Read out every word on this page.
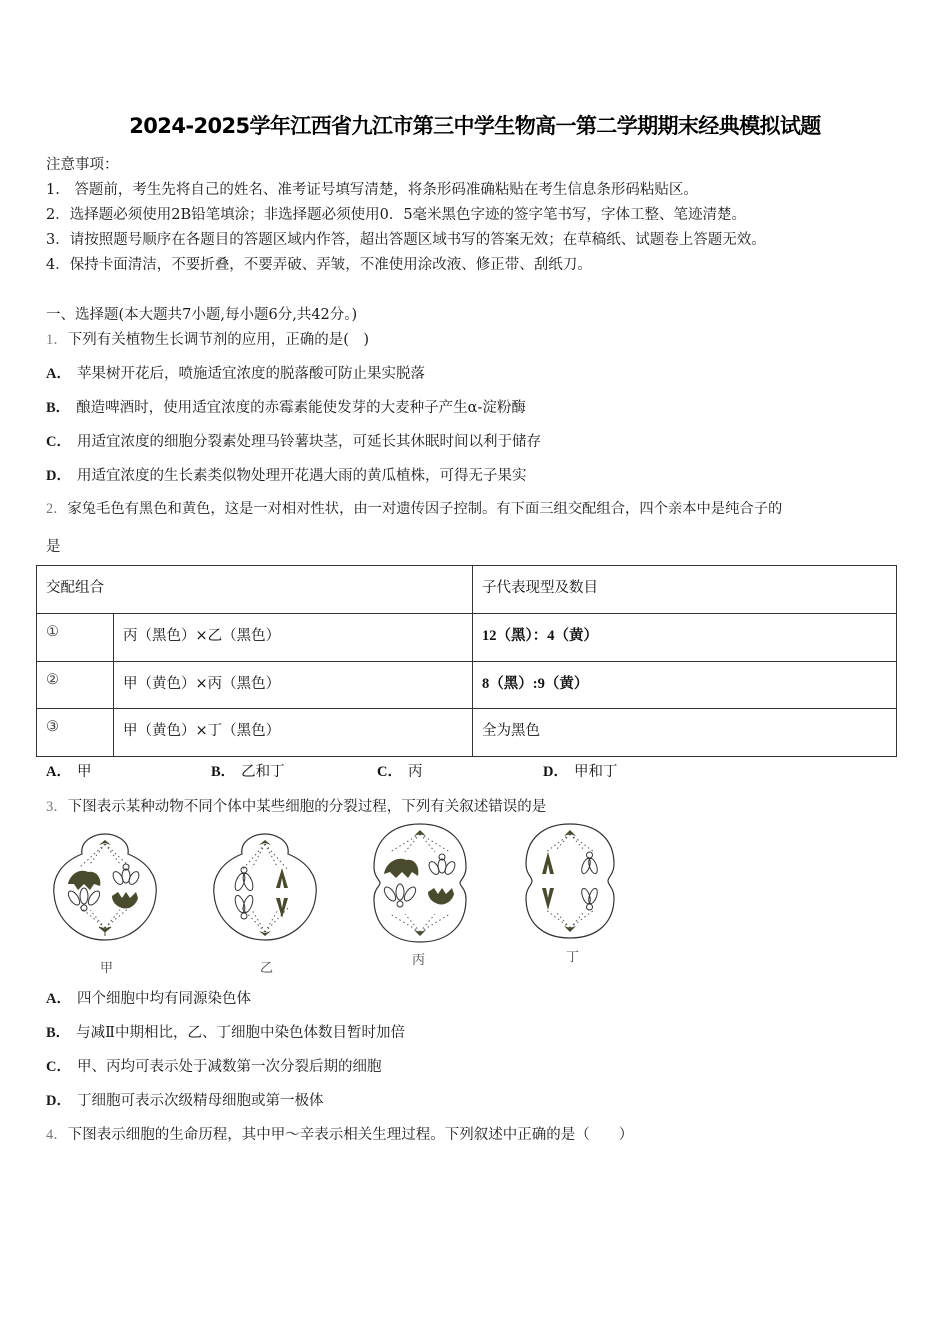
2024-2025学年江西省九江市第三中学生物高一第二学期期末经典模拟试题
注意事项：
1.　答题前，考生先将自己的姓名、准考证号填写清楚，将条形码准确粘贴在考生信息条形码粘贴区。
2．选择题必须使用2B铅笔填涂；非选择题必须使用0．5毫米黑色字迹的签字笔书写，字体工整、笔迹清楚。
3．请按照题号顺序在各题目的答题区域内作答，超出答题区域书写的答案无效；在草稿纸、试题卷上答题无效。
4．保持卡面清洁，不要折叠，不要弄破、弄皱，不准使用涂改液、修正带、刮纸刀。
一、选择题(本大题共7小题,每小题6分,共42分。)
1．下列有关植物生长调节剂的应用，正确的是(　)
A． 苹果树开花后，喷施适宜浓度的脱落酸可防止果实脱落
B． 酿造啤酒时，使用适宜浓度的赤霉素能使发芽的大麦种子产生α-淀粉酶
C． 用适宜浓度的细胞分裂素处理马铃薯块茎，可延长其休眠时间以利于储存
D． 用适宜浓度的生长素类似物处理开花遇大雨的黄瓜植株，可得无子果实
2．家兔毛色有黑色和黄色，这是一对相对性状，由一对遗传因子控制。有下面三组交配组合，四个亲本中是纯合子的
是
交配组合		子代表现型及数目
①	丙（黑色）×乙（黑色）	12（黑）：4（黄）
②	甲（黄色）×丙（黑色）	8（黑）:9（黄）
③	甲（黄色）×丁（黑色）	全为黑色
A． 甲	B． 乙和丁	C． 丙	D． 甲和丁
3．下图表示某种动物不同个体中某些细胞的分裂过程，下列有关叙述错误的是
甲	乙
丙	丁
A． 四个细胞中均有同源染色体
B． 与减Ⅱ中期相比，乙、丁细胞中染色体数目暂时加倍
C． 甲、丙均可表示处于减数第一次分裂后期的细胞
D． 丁细胞可表示次级精母细胞或第一极体
4．下图表示细胞的生命历程，其中甲～辛表示相关生理过程。下列叙述中正确的是（　　）
